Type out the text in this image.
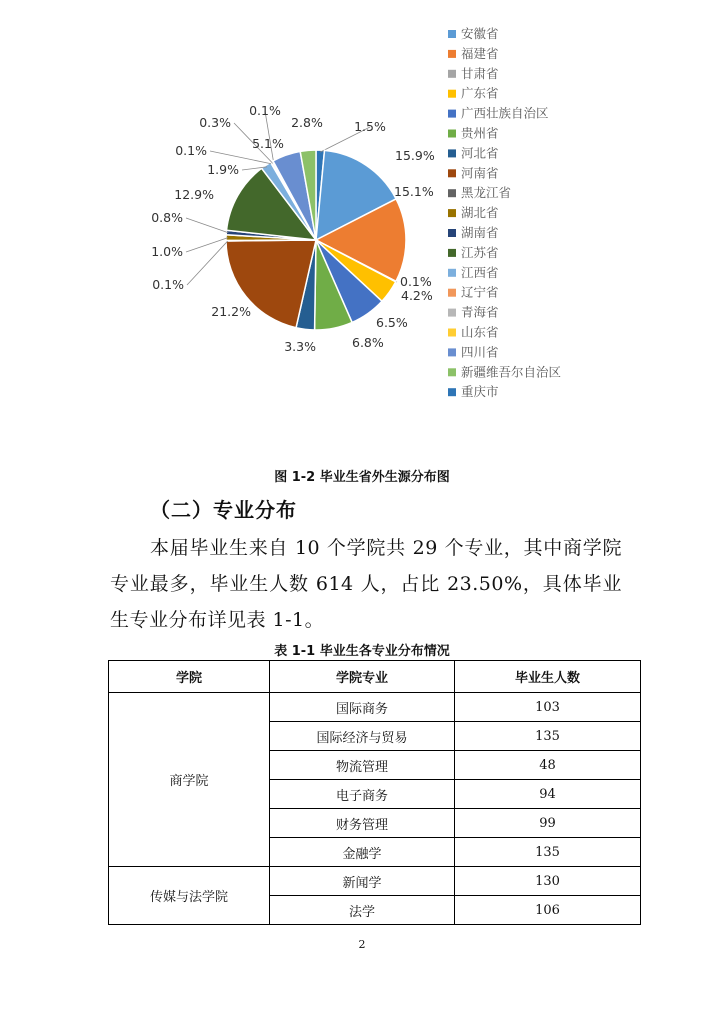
1.5%
15.9%
15.1%
0.1%
4.2%
6.5%
6.8%
3.3%
21.2%
0.1%
1.0%
0.8%
12.9%
1.9%
0.1%
0.3%
0.1%
5.1%
2.8%
安徽省
福建省
甘肃省
广东省
广西壮族自治区
贵州省
河北省
河南省
黑龙江省
湖北省
湖南省
江苏省
江西省
辽宁省
青海省
山东省
四川省
新疆维吾尔自治区
重庆市
图 1-2 毕业生省外生源分布图
（二）专业分布
本届毕业生来自 10 个学院共 29 个专业，其中商学院专业最多，毕业生人数 614 人，占比 23.50%，具体毕业生专业分布详见表 1-1。
表 1-1 毕业生各专业分布情况
学院	学院专业	毕业生人数
商学院	国际商务	103
	国际经济与贸易	135
	物流管理	48
	电子商务	94
	财务管理	99
	金融学	135
传媒与法学院	新闻学	130
	法学	106
2
